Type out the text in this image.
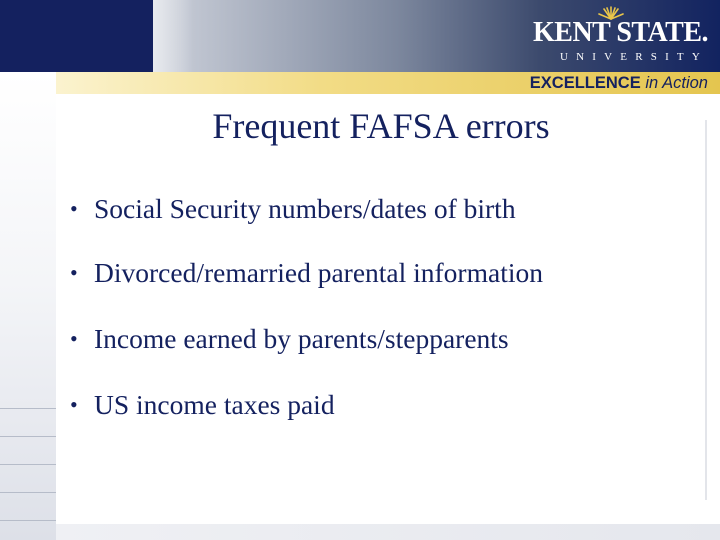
KENT STATE.
UNIVERSITY
EXCELLENCE in Action
Frequent FAFSA errors
• Social Security numbers/dates of birth
• Divorced/remarried parental information
• Income earned by parents/stepparents
• US income taxes paid
